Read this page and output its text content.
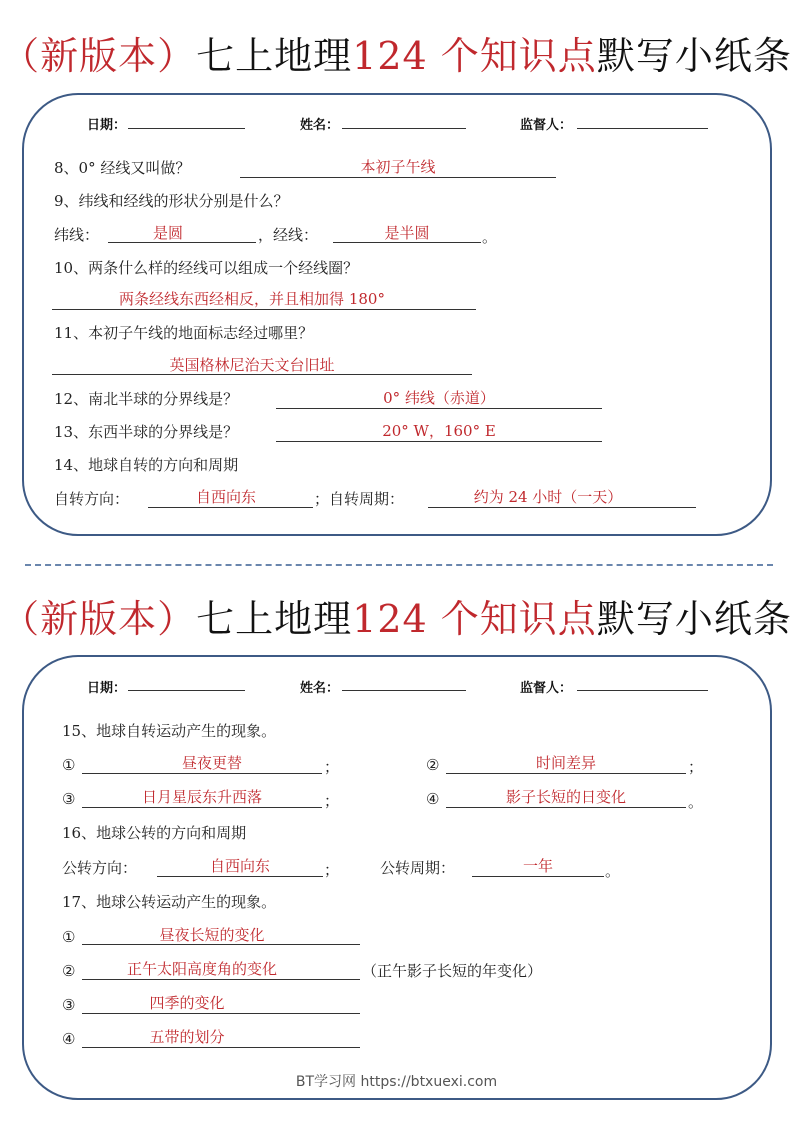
（新版本）七上地理124 个知识点默写小纸条
日期：	姓名：	监督人：
8、0° 经线又叫做？	本初子午线
9、纬线和经线的形状分别是什么？
纬线：	是圆	，经线：	是半圆	。
10、两条什么样的经线可以组成一个经线圈？
两条经线东西经相反，并且相加得 180°
11、本初子午线的地面标志经过哪里？
英国格林尼治天文台旧址
12、南北半球的分界线是？	0° 纬线（赤道）
13、东西半球的分界线是？	20° W，160° E
14、地球自转的方向和周期
自转方向：	自西向东	；自转周期：	约为 24 小时（一天）
（新版本）七上地理124 个知识点默写小纸条
日期：	姓名：	监督人：
15、地球自转运动产生的现象。
①	昼夜更替	；	②	时间差异	；
③	日月星辰东升西落	；	④	影子长短的日变化	。
16、地球公转的方向和周期
公转方向：	自西向东	；	公转周期：	一年	。
17、地球公转运动产生的现象。
①	昼夜长短的变化
②	正午太阳高度角的变化	（正午影子长短的年变化）
③	四季的变化
④	五带的划分
BT学习网 https://btxuexi.com
